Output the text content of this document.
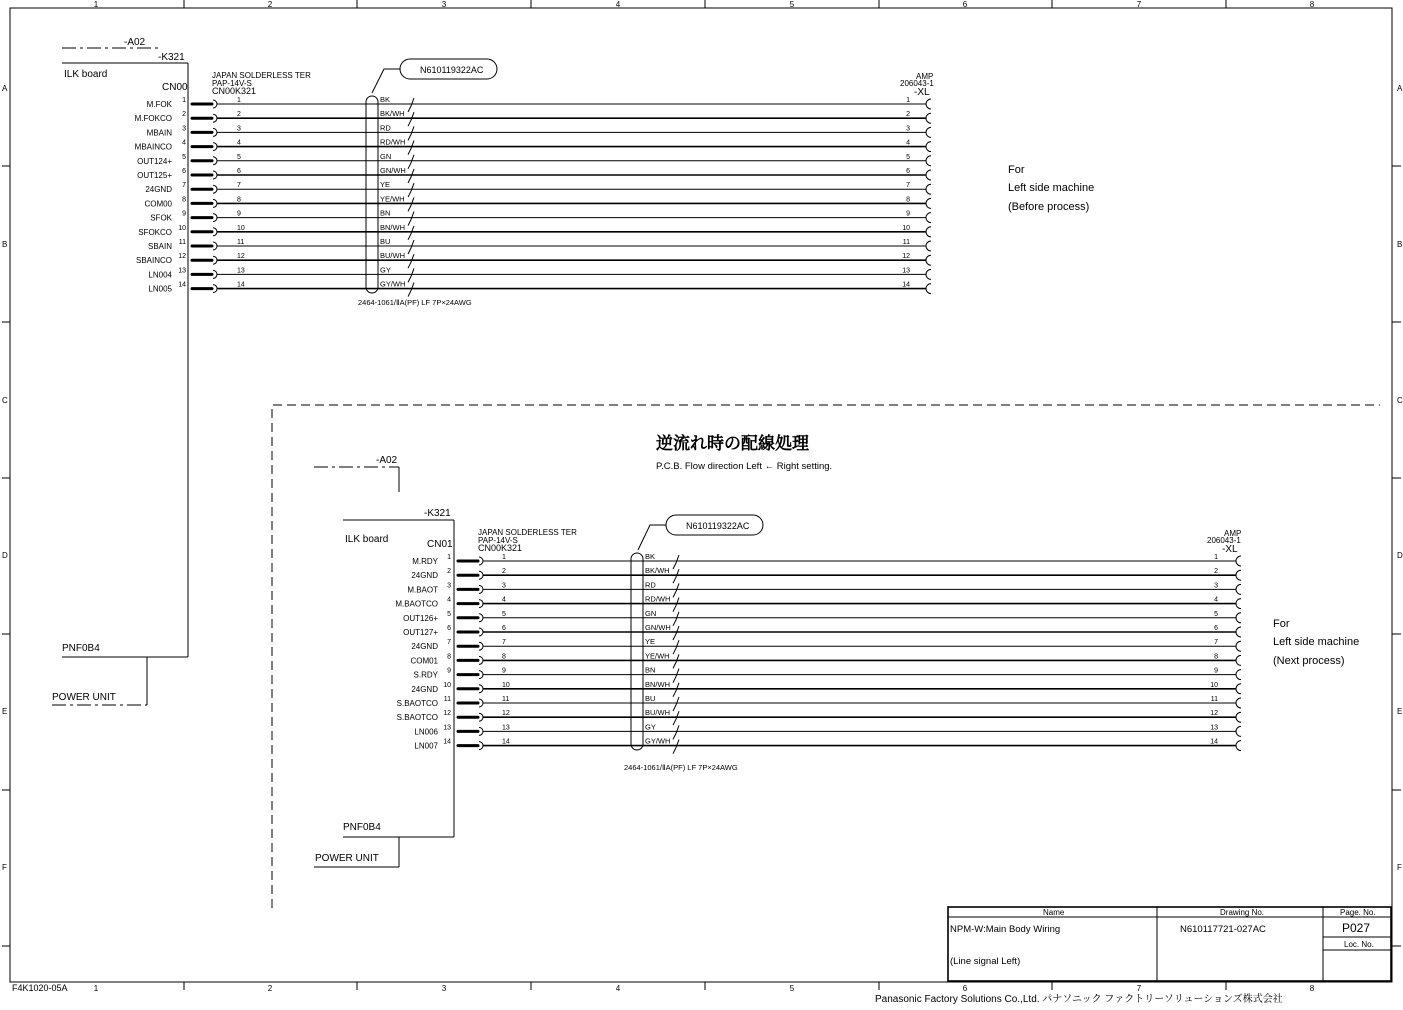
1
1
2
2
3
3
4
4
5
5
6
6
7
7
8
8
A	A
B	B
C	C
D	D
E	E
F	F
F4K1020-05A
-A02
-K321
ILK board
CN00
JAPAN SOLDERLESS TER
PAP-14V-S
CN00K321
N610119322AC
AMP
206043-1
-XL
M.FOK 1	1	BK	1
M.FOKCO 2	2	BK/WH	2
MBAIN 3	3	RD	3
MBAINCO 4	4	RD/WH	4
OUT124+ 5	5	GN	5
OUT125+ 6	6	GN/WH	6
24GND 7	7	YE	7
COM00 8	8	YE/WH	8
SFOK 9	9	BN	9
SFOKCO 10	10	BN/WH	10
SBAIN 11	11	BU	11
SBAINCO 12	12	BU/WH	12
LN004 13	13	GY	13
LN005 14	14	GY/WH	14
2464-1061/ⅡA(PF) LF 7P×24AWG
For
Left side machine
(Before process)
PNF0B4
POWER UNIT
逆流れ時の配線処理
P.C.B. Flow direction Left ← Right setting.
-A02
-K321
ILK board	CN01
JAPAN SOLDERLESS TER
PAP-14V-S
CN00K321
N610119322AC
AMP
206043-1
-XL
M.RDY 1	1	BK	1
24GND 2	2	BK/WH	2
M.BAOT 3	3	RD	3
M.BAOTCO 4	4	RD/WH	4
OUT126+ 5	5	GN	5
OUT127+ 6	6	GN/WH	6
24GND 7	7	YE	7
COM01 8	8	YE/WH	8
S.RDY 9	9	BN	9
24GND 10	10	BN/WH	10
S.BAOTCO 11	11	BU	11
S.BAOTCO 12	12	BU/WH	12
LN006 13	13	GY	13
LN007 14	14	GY/WH	14
2464-1061/ⅡA(PF) LF 7P×24AWG
For
Left side machine
(Next process)
PNF0B4
POWER UNIT
Name	Drawing No.	Page. No.
NPM-W:Main Body Wiring
(Line signal Left)
N610117721-027AC	P027
Loc. No.
Panasonic Factory Solutions Co.,Ltd. パナソニック ファクトリーソリューションズ株式会社
